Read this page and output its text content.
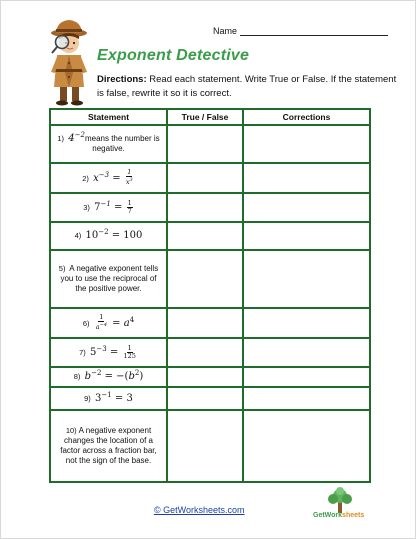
Name
Exponent Detective
Directions: Read each statement. Write True or False. If the statement is false, rewrite it so it is correct.
Statement	True / False	Corrections
1) $4^{-2}means$ the number is negative.		
2) $x^{-3} = \frac{1}{x^3}$

3) $7^{-1} = \frac{1}{7}$

4) $10^{-2} = 100$		
5) A negative exponent tells you to use the reciprocal of the positive power.		
$6) \frac{1}{a^{-4}} = a^4$		
7) $5^{-3} = \frac{1}{125}$

8) $b^{-2} = -(b^2)$		
9) $3^{-1} = 3$		
10) A negative exponent changes the location of a factor across a fraction bar, not the sign of the base.		
© GetWorksheets.com
GetWorksheets
